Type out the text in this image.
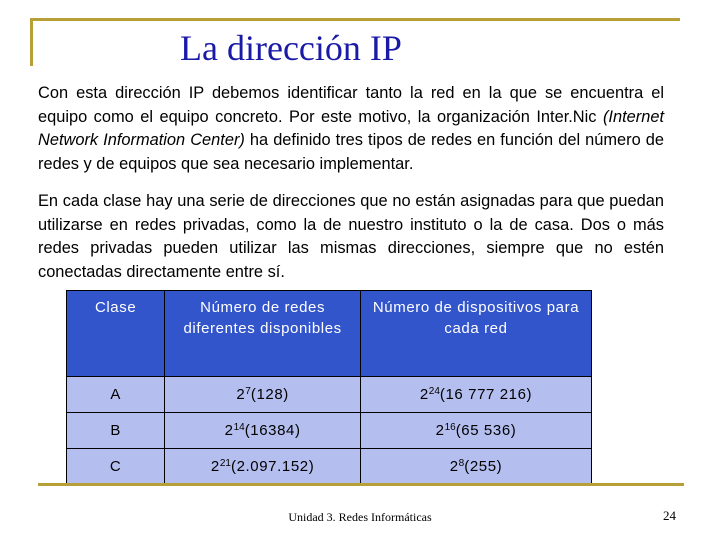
La dirección IP
Con esta dirección IP debemos identificar tanto la red en la que se encuentra el equipo como el equipo concreto. Por este motivo, la organización Inter.Nic (Internet Network Information Center) ha definido tres tipos de redes en función del número de redes y de equipos que sea necesario implementar.
En cada clase hay una serie de direcciones que no están asignadas para que puedan utilizarse en redes privadas, como la de nuestro instituto o la de casa. Dos o más redes privadas pueden utilizar las mismas direcciones, siempre que no estén conectadas directamente entre sí.
Clase	Número de redes diferentes disponibles	Número de dispositivos para cada red
A	$2^7(128)$	$2^{24}(16$ 777 216)
B	$2^{14}(16384)$	$2^{16}(65$ 536)
C	$2^{21}(2.097.152)$	$2^8(255)$
Unidad 3. Redes Informáticas	24
